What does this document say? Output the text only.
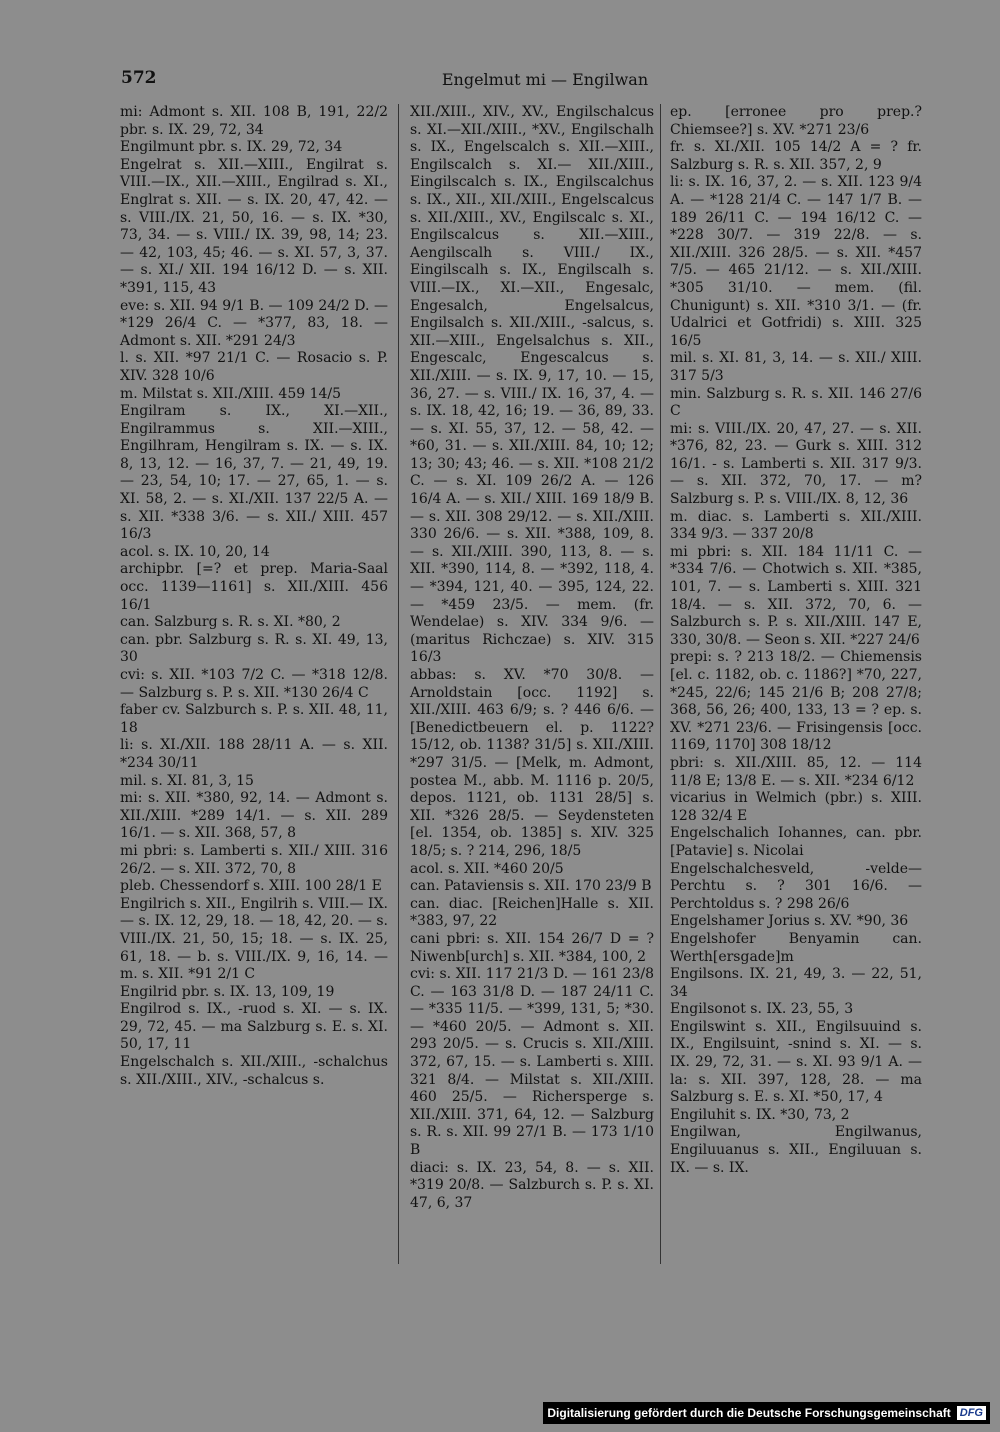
572	Engelmut mi — Engilwan

mi: Admont s. XII. 108 B, 191, 22/2 pbr. s. IX. 29, 72, 34

Engilmunt pbr. s. IX. 29, 72, 34

Engelrat s. XII.—XIII., Engilrat s. VIII.—IX., XII.—XIII., Engilrad s. XI., Englrat s. XII. — s. IX. 20, 47, 42. — s. VIII./IX. 21, 50, 16. — s. IX. *30, 73, 34. — s. VIII./ IX. 39, 98, 14; 23. — 42, 103, 45; 46. — s. XI. 57, 3, 37. — s. XI./ XII. 194 16/12 D. — s. XII. *391, 115, 43

eve: s. XII. 94 9/1 B. — 109 24/2 D. — *129 26/4 C. — *377, 83, 18. — Admont s. XII. *291 24/3

l. s. XII. *97 21/1 C. — Rosacio s. P. XIV. 328 10/6

m. Milstat s. XII./XIII. 459 14/5

Engilram s. IX., XI.—XII., Engilrammus s. XII.—XIII., Engilhram, Hengilram s. IX. — s. IX. 8, 13, 12. — 16, 37, 7. — 21, 49, 19. — 23, 54, 10; 17. — 27, 65, 1. — s. XI. 58, 2. — s. XI./XII. 137 22/5 A. — s. XII. *338 3/6. — s. XII./ XIII. 457 16/3

acol. s. IX. 10, 20, 14

archipbr. [=? et prep. Maria-Saal occ. 1139—1161] s. XII./XIII. 456 16/1

can. Salzburg s. R. s. XI. *80, 2

can. pbr. Salzburg s. R. s. XI. 49, 13, 30

cvi: s. XII. *103 7/2 C. — *318 12/8. — Salzburg s. P. s. XII. *130 26/4 C

faber cv. Salzburch s. P. s. XII. 48, 11, 18

li: s. XI./XII. 188 28/11 A. — s. XII. *234 30/11

mil. s. XI. 81, 3, 15

mi: s. XII. *380, 92, 14. — Admont s. XII./XIII. *289 14/1. — s. XII. 289 16/1. — s. XII. 368, 57, 8

mi pbri: s. Lamberti s. XII./ XIII. 316 26/2. — s. XII. 372, 70, 8

pleb. Chessendorf s. XIII. 100 28/1 E

Engilrich s. XII., Engilrih s. VIII.— IX. — s. IX. 12, 29, 18. — 18, 42, 20. — s. VIII./IX. 21, 50, 15; 18. — s. IX. 25, 61, 18. — b. s. VIII./IX. 9, 16, 14. — m. s. XII. *91 2/1 C

Engilrid pbr. s. IX. 13, 109, 19

Engilrod s. IX., -ruod s. XI. — s. IX. 29, 72, 45. — ma Salzburg s. E. s. XI. 50, 17, 11

Engelschalch s. XII./XIII., -schalchus s. XII./XIII., XIV., -schalcus s.

XII./XIII., XIV., XV., Engilschalcus s. XI.—XII./XIII., *XV., Engilschalh s. IX., Engelscalch s. XII.—XIII., Engilscalch s. XI.— XII./XIII., Eingilscalch s. IX., Engilscalchus s. IX., XII., XII./XIII., Engelscalcus s. XII./XIII., XV., Engilscalc s. XI., Engilscalcus s. XII.—XIII., Aengilscalh s. VIII./ IX., Eingilscalh s. IX., Engilscalh s. VIII.—IX., XI.—XII., Engesalc, Engesalch, Engelsalcus, Engilsalch s. XII./XIII., -salcus, s. XII.—XIII., Engelsalchus s. XII., Engescalc, Engescalcus s. XII./XIII. — s. IX. 9, 17, 10. — 15, 36, 27. — s. VIII./ IX. 16, 37, 4. — s. IX. 18, 42, 16; 19. — 36, 89, 33. — s. XI. 55, 37, 12. — 58, 42. — *60, 31. — s. XII./XIII. 84, 10; 12; 13; 30; 43; 46. — s. XII. *108 21/2 C. — s. XI. 109 26/2 A. — 126 16/4 A. — s. XII./ XIII. 169 18/9 B. — s. XII. 308 29/12. — s. XII./XIII. 330 26/6. — s. XII. *388, 109, 8. — s. XII./XIII. 390, 113, 8. — s. XII. *390, 114, 8. — *392, 118, 4. — *394, 121, 40. — 395, 124, 22. — *459 23/5. — mem. (fr. Wendelae) s. XIV. 334 9/6. — (maritus Richczae) s. XIV. 315 16/3

abbas: s. XV. *70 30/8. — Arnoldstain [occ. 1192] s. XII./XIII. 463 6/9; s. ? 446 6/6. — [Benedictbeuern el. p. 1122? 15/12, ob. 1138? 31/5] s. XII./XIII. *297 31/5. — [Melk, m. Admont, postea M., abb. M. 1116 p. 20/5, depos. 1121, ob. 1131 28/5] s. XII. *326 28/5. — Seydensteten [el. 1354, ob. 1385] s. XIV. 325 18/5; s. ? 214, 296, 18/5

acol. s. XII. *460 20/5

can. Pataviensis s. XII. 170 23/9 B

can. diac. [Reichen]Halle s. XII. *383, 97, 22

cani pbri: s. XII. 154 26/7 D = ? Niwenb[urch] s. XII. *384, 100, 2

cvi: s. XII. 117 21/3 D. — 161 23/8 C. — 163 31/8 D. — 187 24/11 C. — *335 11/5. — *399, 131, 5; *30. — *460 20/5. — Admont s. XII. 293 20/5. — s. Crucis s. XII./XIII. 372, 67, 15. — s. Lamberti s. XIII. 321 8/4. — Milstat s. XII./XIII. 460 25/5. — Richersperge s. XII./XIII. 371, 64, 12. — Salzburg s. R. s. XII. 99 27/1 B. — 173 1/10 B

diaci: s. IX. 23, 54, 8. — s. XII. *319 20/8. — Salzburch s. P. s. XI. 47, 6, 37

ep. [erronee pro prep.? Chiemsee?] s. XV. *271 23/6

fr. s. XI./XII. 105 14/2 A = ? fr. Salzburg s. R. s. XII. 357, 2, 9

li: s. IX. 16, 37, 2. — s. XII. 123 9/4 A. — *128 21/4 C. — 147 1/7 B. — 189 26/11 C. — 194 16/12 C. — *228 30/7. — 319 22/8. — s. XII./XIII. 326 28/5. — s. XII. *457 7/5. — 465 21/12. — s. XII./XIII. *305 31/10. — mem. (fil. Chunigunt) s. XII. *310 3/1. — (fr. Udalrici et Gotfridi) s. XIII. 325 16/5

mil. s. XI. 81, 3, 14. — s. XII./ XIII. 317 5/3

min. Salzburg s. R. s. XII. 146 27/6 C

mi: s. VIII./IX. 20, 47, 27. — s. XII. *376, 82, 23. — Gurk s. XIII. 312 16/1. - s. Lamberti s. XII. 317 9/3. — s. XII. 372, 70, 17. — m? Salzburg s. P. s. VIII./IX. 8, 12, 36

m. diac. s. Lamberti s. XII./XIII. 334 9/3. — 337 20/8

mi pbri: s. XII. 184 11/11 C. — *334 7/6. — Chotwich s. XII. *385, 101, 7. — s. Lamberti s. XIII. 321 18/4. — s. XII. 372, 70, 6. — Salzburch s. P. s. XII./XIII. 147 E, 330, 30/8. — Seon s. XII. *227 24/6

prepi: s. ? 213 18/2. — Chiemensis [el. c. 1182, ob. c. 1186?] *70, 227, *245, 22/6; 145 21/6 B; 208 27/8; 368, 56, 26; 400, 133, 13 = ? ep. s. XV. *271 23/6. — Frisingensis [occ. 1169, 1170] 308 18/12

pbri: s. XII./XIII. 85, 12. — 114 11/8 E; 13/8 E. — s. XII. *234 6/12

vicarius in Welmich (pbr.) s. XIII. 128 32/4 E

Engelschalich Iohannes, can. pbr. [Patavie] s. Nicolai

Engelschalchesveld, -velde—Perchtu s. ? 301 16/6. — Perchtoldus s. ? 298 26/6

Engelshamer Jorius s. XV. *90, 36

Engelshofer Benyamin can. Werth[ersgade]m

Engilsons. IX. 21, 49, 3. — 22, 51, 34

Engilsonot s. IX. 23, 55, 3

Engilswint s. XII., Engilsuuind s. IX., Engilsuint, -snind s. XI. — s. IX. 29, 72, 31. — s. XI. 93 9/1 A. — la: s. XII. 397, 128, 28. — ma Salzburg s. E. s. XI. *50, 17, 4

Engiluhit s. IX. *30, 73, 2

Engilwan, Engilwanus, Engiluuanus s. XII., Engiluuan s. IX. — s. IX.

Digitalisierung gefördert durch die Deutsche Forschungsgemeinschaft DFG
